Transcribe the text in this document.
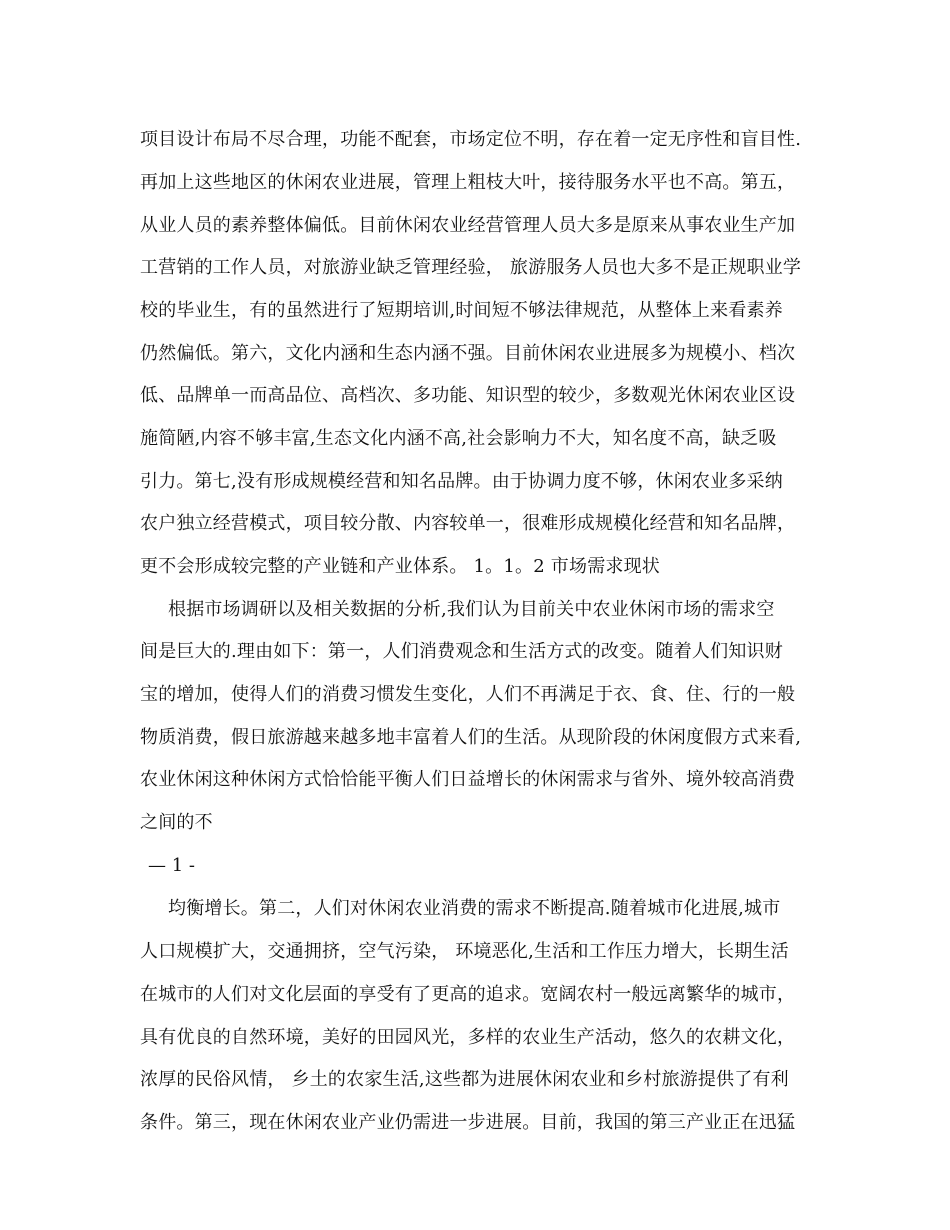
项目设计布局不尽合理，功能不配套，市场定位不明，存在着一定无序性和盲目性.
再加上这些地区的休闲农业进展，管理上粗枝大叶，接待服务水平也不高。第五，
从业人员的素养整体偏低。目前休闲农业经营管理人员大多是原来从事农业生产加
工营销的工作人员，对旅游业缺乏管理经验， 旅游服务人员也大多不是正规职业学
校的毕业生，有的虽然进行了短期培训,时间短不够法律规范，从整体上来看素养
仍然偏低。第六，文化内涵和生态内涵不强。目前休闲农业进展多为规模小、档次
低、品牌单一而高品位、高档次、多功能、知识型的较少，多数观光休闲农业区设
施简陋,内容不够丰富,生态文化内涵不高,社会影响力不大，知名度不高，缺乏吸
引力。第七,没有形成规模经营和知名品牌。由于协调力度不够，休闲农业多采纳
农户独立经营模式，项目较分散、内容较单一，很难形成规模化经营和知名品牌，
更不会形成较完整的产业链和产业体系。 1。1。2 市场需求现状
根据市场调研以及相关数据的分析,我们认为目前关中农业休闲市场的需求空
间是巨大的.理由如下：第一，人们消费观念和生活方式的改变。随着人们知识财
宝的增加，使得人们的消费习惯发生变化，人们不再满足于衣、食、住、行的一般
物质消费，假日旅游越来越多地丰富着人们的生活。从现阶段的休闲度假方式来看,
农业休闲这种休闲方式恰恰能平衡人们日益增长的休闲需求与省外、境外较高消费
之间的不
— 1 -
均衡增长。第二，人们对休闲农业消费的需求不断提高.随着城市化进展,城市
人口规模扩大，交通拥挤，空气污染， 环境恶化,生活和工作压力增大，长期生活
在城市的人们对文化层面的享受有了更高的追求。宽阔农村一般远离繁华的城市，
具有优良的自然环境，美好的田园风光，多样的农业生产活动，悠久的农耕文化，
浓厚的民俗风情， 乡土的农家生活,这些都为进展休闲农业和乡村旅游提供了有利
条件。第三，现在休闲农业产业仍需进一步进展。目前，我国的第三产业正在迅猛
